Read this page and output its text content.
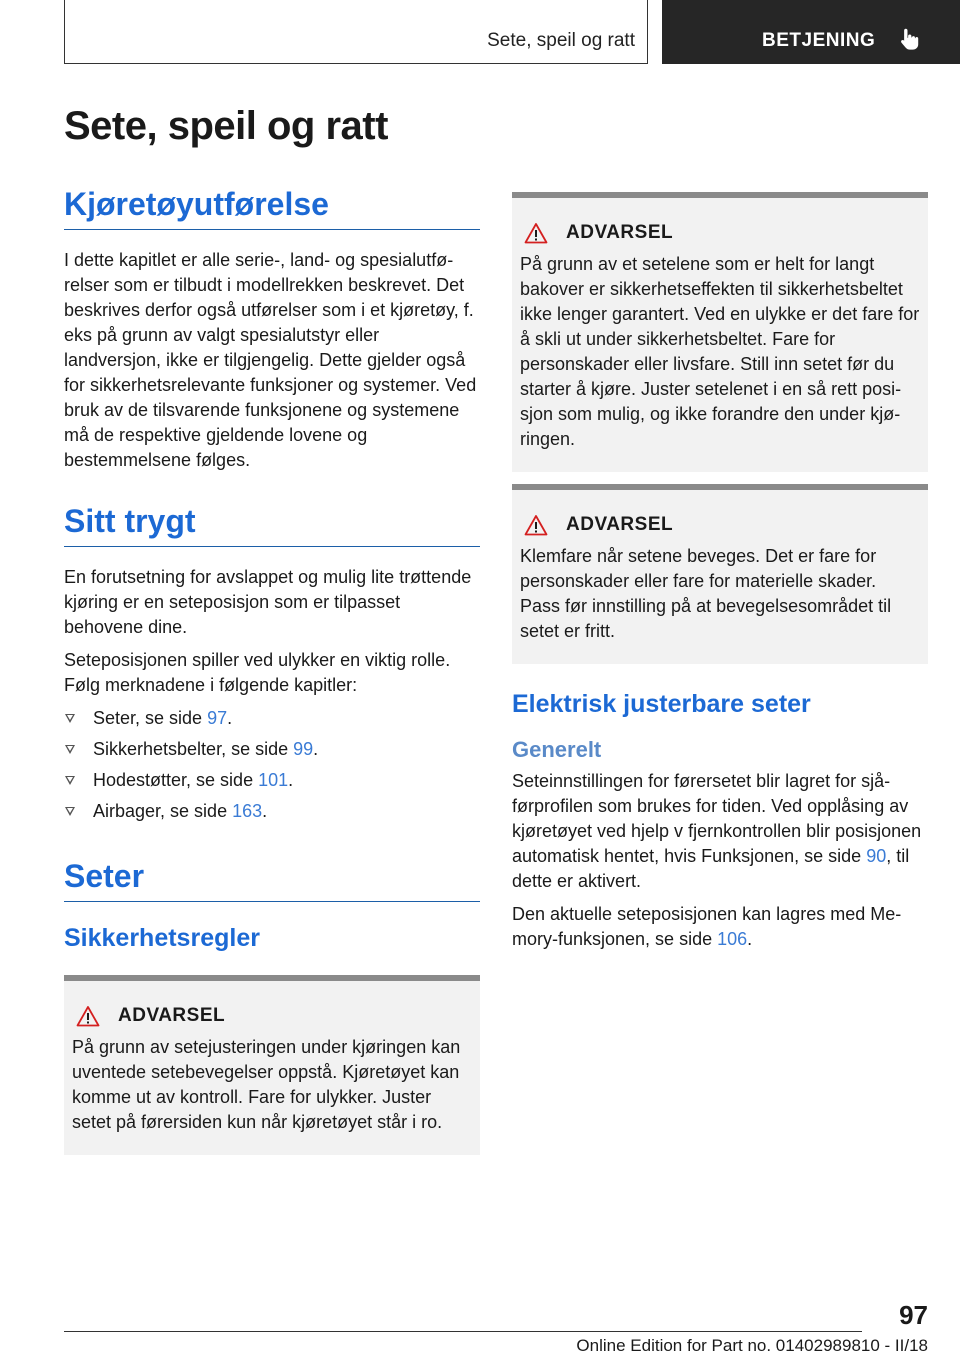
Sete, speil og ratt	BETJENING
Sete, speil og ratt
Kjøretøyutførelse

I dette kapitlet er alle serie-, land- og spesialutførelser som er tilbudt i modellrekken beskrevet. Det beskrives derfor også utførelser som i et kjøretøy, f. eks på grunn av valgt spesialutstyr eller landversjon, ikke er tilgjengelig. Dette gjelder også for sikkerhetsrelevante funksjoner og systemer. Ved bruk av de tilsvarende funksjonene og systemene må de respektive gjeldende lovene og bestemmelsene følges.

Sitt trygt

En forutsetning for avslappet og mulig lite trøttende kjøring er en seteposisjon som er tilpasset behovene dine.

Seteposisjonen spiller ved ulykker en viktig rolle. Følg merknadene i følgende kapitler:

Seter, se side 97.
Sikkerhetsbelter, se side 99.
Hodestøtter, se side 101.
Airbager, se side 163.
Seter
Sikkerhetsregler
ADVARSEL

På grunn av setejusteringen under kjøringen kan uventede setebevegelser oppstå. Kjøretøyet kan komme ut av kontroll. Fare for ulykker. Juster setet på førersiden kun når kjøretøyet står i ro.

ADVARSEL

På grunn av et setelene som er helt for langt bakover er sikkerhetseffekten til sikkerhetsbeltet ikke lenger garantert. Ved en ulykke er det fare for å skli ut under sikkerhetsbeltet. Fare for personskader eller livsfare. Still inn setet før du starter å kjøre. Juster setelenet i en så rett posisjon som mulig, og ikke forandre den under kjøringen.

ADVARSEL

Klemfare når setene beveges. Det er fare for personskader eller fare for materielle skader. Pass før innstilling på at bevegelsesområdet til setet er fritt.

Elektrisk justerbare seter
Generelt

Seteinnstillingen for førersetet blir lagret for sjåførprofilen som brukes for tiden. Ved opplåsing av kjøretøyet ved hjelp v fjernkontrollen blir posisjonen automatisk hentet, hvis Funksjonen, se side 90, til dette er aktivert.

Den aktuelle seteposisjonen kan lagres med Memory-funksjonen, se side 106.

97
Online Edition for Part no. 01402989810 - II/18
